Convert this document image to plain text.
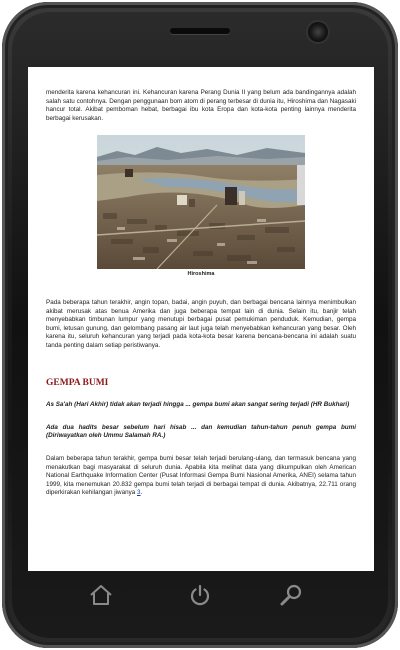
menderita karena kehancuran ini. Kehancuran karena Perang Dunia II yang belum ada bandingannya adalah salah satu contohnya. Dengan penggunaan bom atom di perang terbesar di dunia itu, Hiroshima dan Nagasaki hancur total. Akibat pemboman hebat, berbagai ibu kota Eropa dan kota-kota penting lainnya menderita berbagai kerusakan.

Hiroshima

Pada beberapa tahun terakhir, angin topan, badai, angin puyuh, dan berbagai bencana lainnya menimbulkan akibat merusak atas benua Amerika dan juga beberapa tempat lain di dunia. Selain itu, banjir telah menyebabkan timbunan lumpur yang menutupi berbagai pusat pemukiman penduduk. Kemudian, gempa bumi, letusan gunung, dan gelombang pasang air laut juga telah menyebabkan kehancuran yang besar. Oleh karena itu, seluruh kehancuran yang terjadi pada kota-kota besar karena bencana-bencana ini adalah suatu tanda penting dalam setiap peristiwanya.

GEMPA BUMI

As Sa'ah (Hari Akhir) tidak akan terjadi hingga ... gempa bumi akan sangat sering terjadi (HR Bukhari)

Ada dua hadits besar sebelum hari hisab ... dan kemudian tahun-tahun penuh gempa bumi (Diriwayatkan oleh Ummu Salamah RA.)

Dalam beberapa tahun terakhir, gempa bumi besar telah terjadi berulang-ulang, dan termasuk bencana yang menakutkan bagi masyarakat di seluruh dunia. Apabila kita melihat data yang dikumpulkan oleh American National Earthquake Information Center (Pusat Informasi Gempa Bumi Nasional Amerika, ANEI) selama tahun 1999, kita menemukan 20.832 gempa bumi telah terjadi di berbagai tempat di dunia. Akibatnya, 22.711 orang diperkirakan kehilangan jiwanya 3.
